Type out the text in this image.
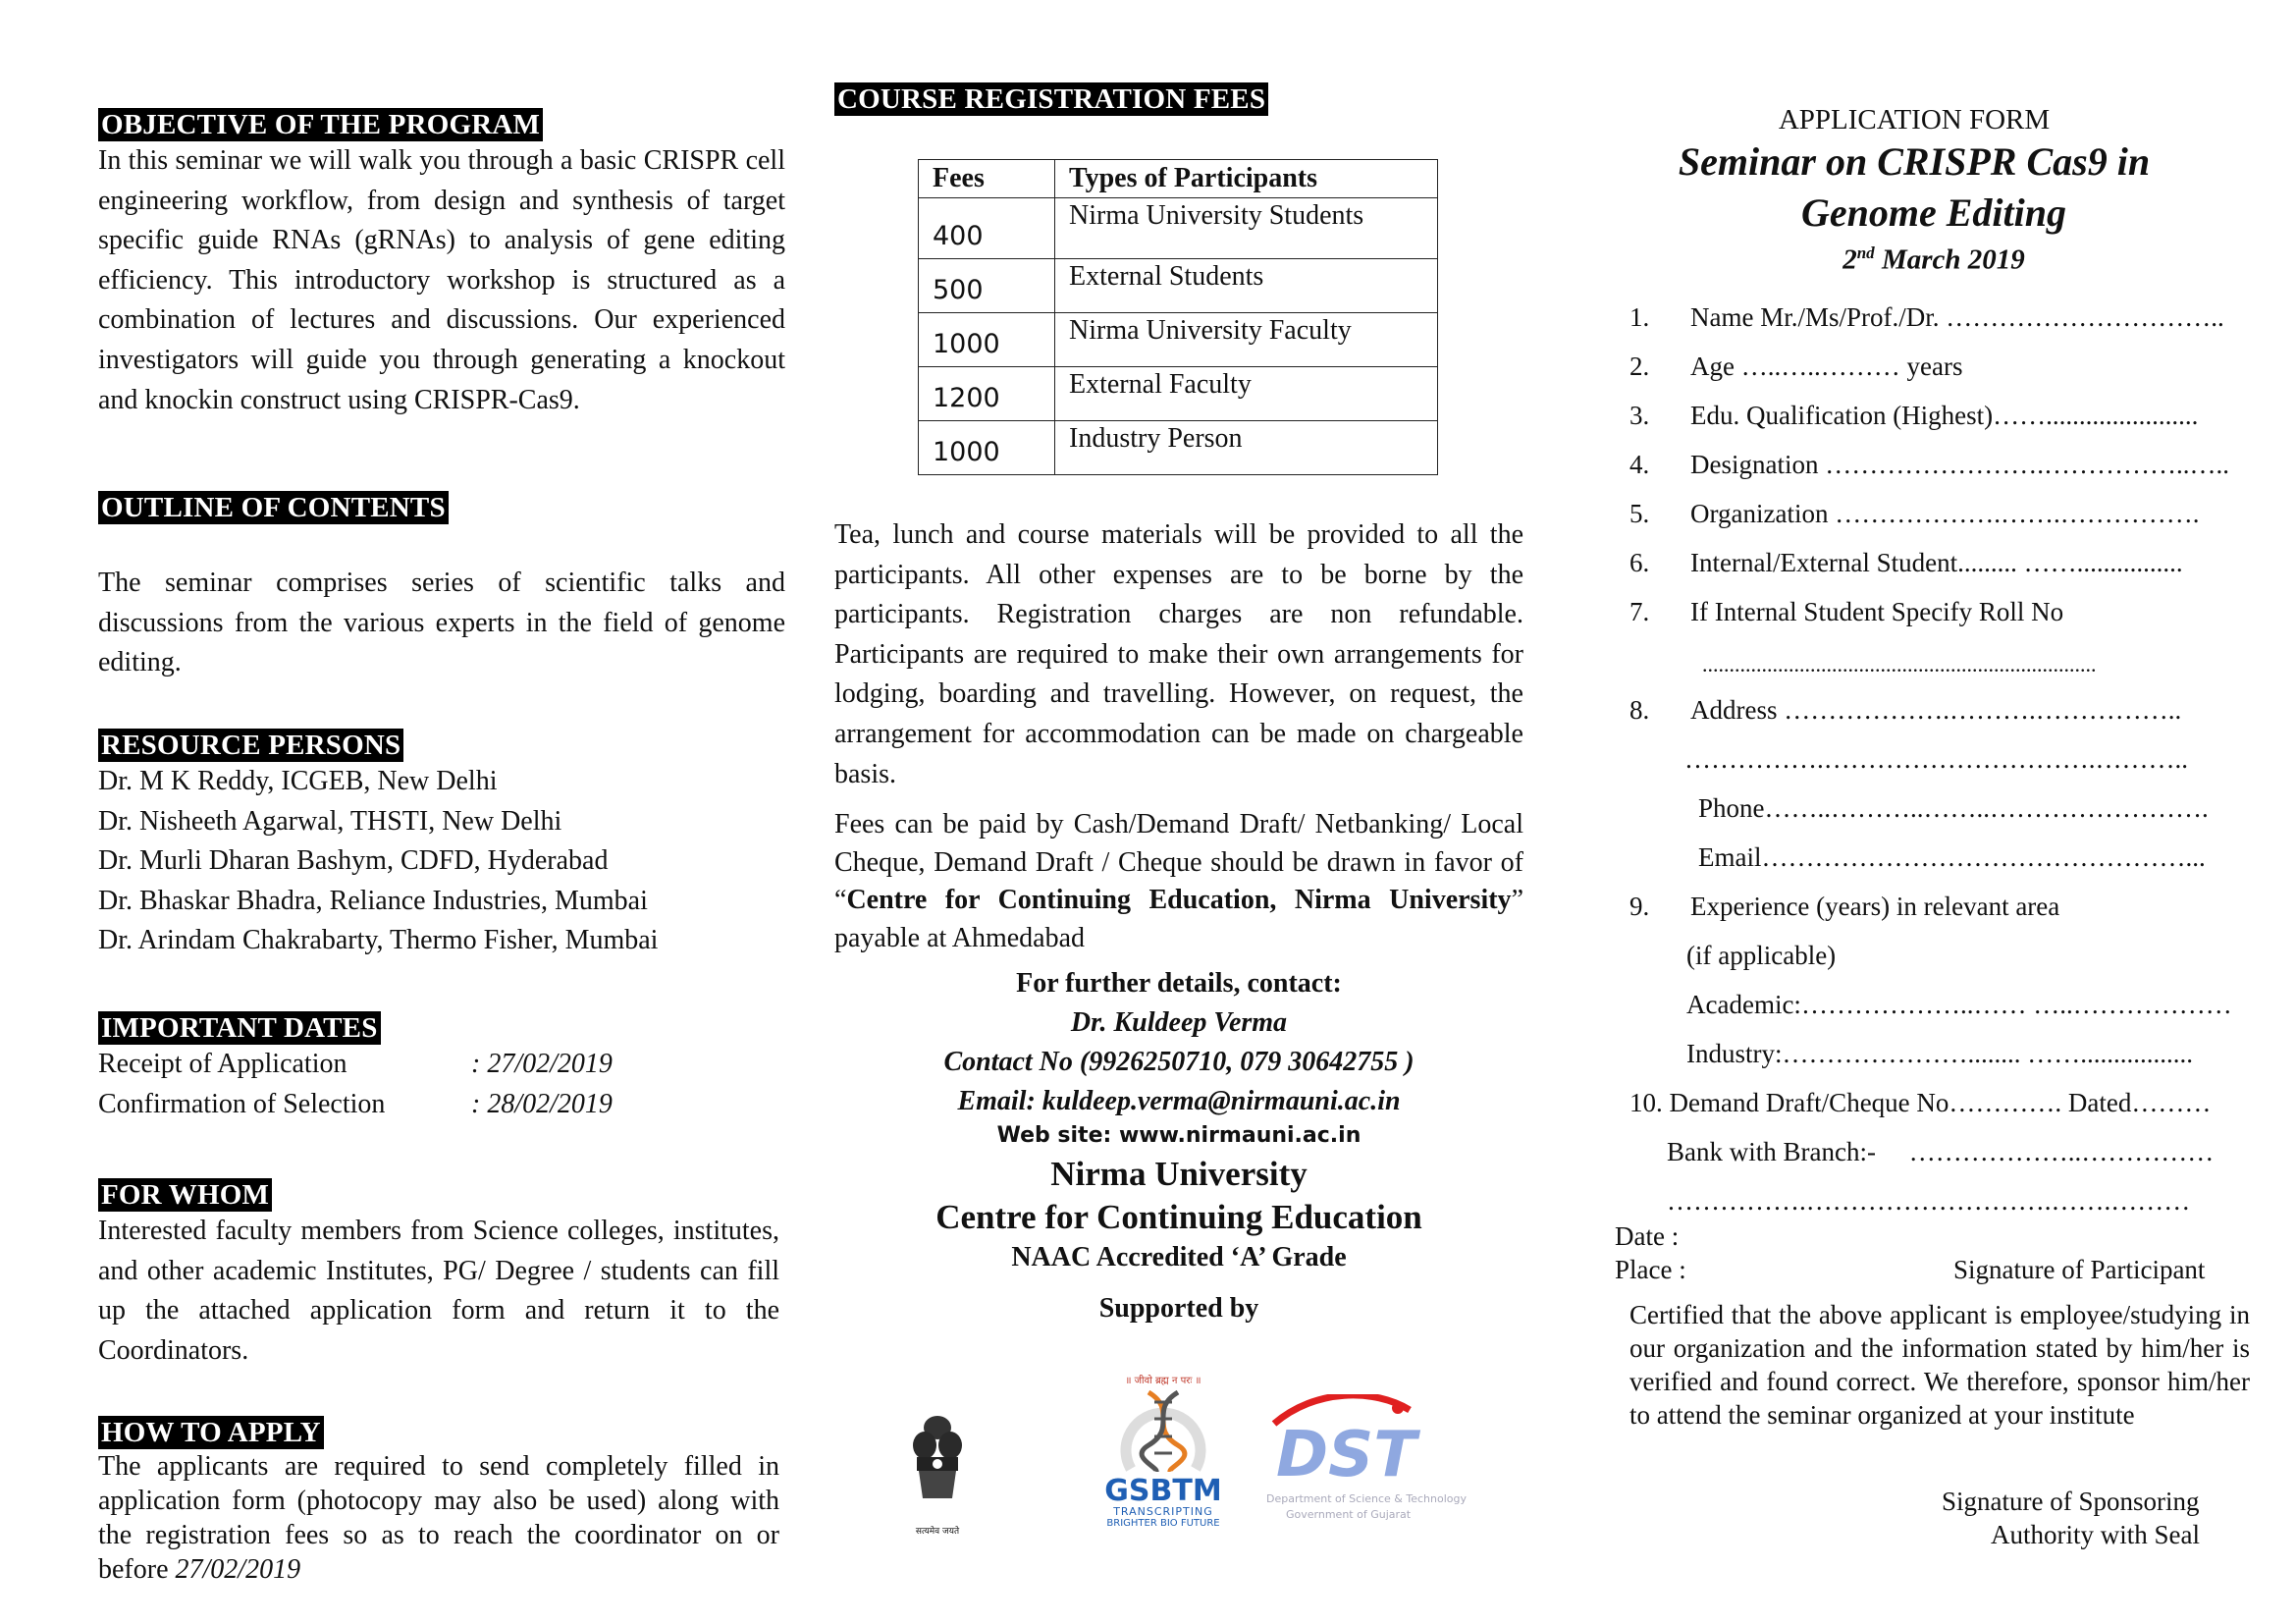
OBJECTIVE OF THE PROGRAM

In this seminar we will walk you through a basic CRISPR cell engineering workflow, from design and synthesis of target specific guide RNAs (gRNAs) to analysis of gene editing efficiency. This introductory workshop is structured as a combination of lectures and discussions. Our experienced investigators will guide you through generating a knockout and knockin construct using CRISPR-Cas9.

OUTLINE OF CONTENTS

The seminar comprises series of scientific talks and discussions from the various experts in the field of genome editing.

RESOURCE PERSONS
Dr. M K Reddy, ICGEB, New Delhi
Dr. Nisheeth Agarwal, THSTI, New Delhi
Dr. Murli Dharan Bashym, CDFD, Hyderabad
Dr. Bhaskar Bhadra, Reliance Industries, Mumbai
Dr. Arindam Chakrabarty, Thermo Fisher, Mumbai
IMPORTANT DATES
Receipt of Application	: 27/02/2019
Confirmation of Selection	: 28/02/2019
FOR WHOM

Interested faculty members from Science colleges, institutes, and other academic Institutes, PG/ Degree / students can fill up the attached application form and return it to the Coordinators.

HOW TO APPLY

The applicants are required to send completely filled in application form (photocopy may also be used) along with the registration fees so as to reach the coordinator on or before 27/02/2019

COURSE REGISTRATION FEES
Fees	Types of Participants
400	Nirma University Students
500	External Students
1000	Nirma University Faculty
1200	External Faculty
1000	Industry Person

Tea, lunch and course materials will be provided to all the participants. All other expenses are to be borne by the participants. Registration charges are non refundable. Participants are required to make their own arrangements for lodging, boarding and travelling. However, on request, the arrangement for accommodation can be made on chargeable basis.

Fees can be paid by Cash/Demand Draft/ Netbanking/ Local Cheque, Demand Draft / Cheque should be drawn in favor of “Centre for Continuing Education, Nirma University” payable at Ahmedabad

For further details, contact:
Dr. Kuldeep Verma
Contact No (9926250710, 079 30642755 )
Email: kuldeep.verma@nirmauni.ac.in
Web site: www.nirmauni.ac.in
Nirma University
Centre for Continuing Education
NAAC Accredited ‘A’ Grade
Supported by
सत्यमेव जयते
॥ जीवो ब्रह्म न परः ॥
GSBTM
TRANSCRIPTING
BRIGHTER BIO FUTURE
DST
Department of Science & Technology
Government of Gujarat
APPLICATION FORM
Seminar on CRISPR Cas9 in
Genome Editing
2nd March 2019
1. Name Mr./Ms/Prof./Dr. …………………………..
2. Age …..…..……… years
3. Edu. Qualification (Highest)…….......................
4. Designation …………………….……………..…..
5. Organization ……………….…….…………….
6. Internal/External Student......... ……................
7. If Internal Student Specify Roll No
.........................................................................
8. Address ……………….……….……………..
…………….………………………….………..
Phone……..………..……..…………………….
Email…………………………………………...
9. Experience (years) in relevant area
(if applicable)
Academic:………………..…… …..………………
Industry:…………………........ …….................
10. Demand Draft/Cheque No…………. Dated………
Bank with Branch:-     ………………..……………
…………….……………………….…….………
Date :
Place :	Signature of Participant

Certified that the above applicant is employee/studying in our organization and the information stated by him/her is verified and found correct. We therefore, sponsor him/her to attend the seminar organized at your institute

Signature of Sponsoring
Authority with Seal
